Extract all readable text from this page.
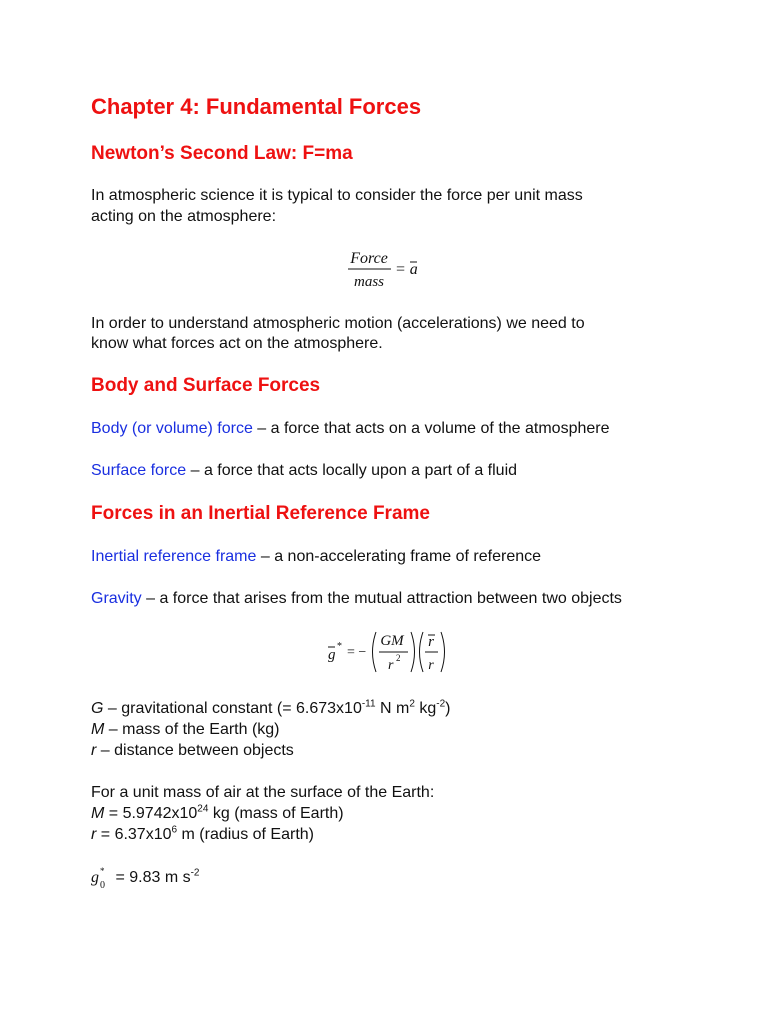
Chapter 4: Fundamental Forces
Newton’s Second Law: F=ma
In atmospheric science it is typical to consider the force per unit mass
acting on the atmosphere:
Force
mass
= a
In order to understand atmospheric motion (accelerations) we need to
know what forces act on the atmosphere.
Body and Surface Forces
Body (or volume) force – a force that acts on a volume of the atmosphere
Surface force – a force that acts locally upon a part of a fluid
Forces in an Inertial Reference Frame
Inertial reference frame – a non-accelerating frame of reference
Gravity – a force that arises from the mutual attraction between two objects
g
* = −
GM
r 2
r
r
G – gravitational constant (= $6.673x10^{-11}$ N $m^2$ $kg^{-2}$)
M – mass of the Earth (kg)
r – distance between objects
For a unit mass of air at the surface of the Earth:
$M = 5.9742x10^{24}$ kg (mass of Earth)
$r = 6.37x10^6$ m (radius of Earth)
g *
0 = 9.83 m $s^{-2}$
